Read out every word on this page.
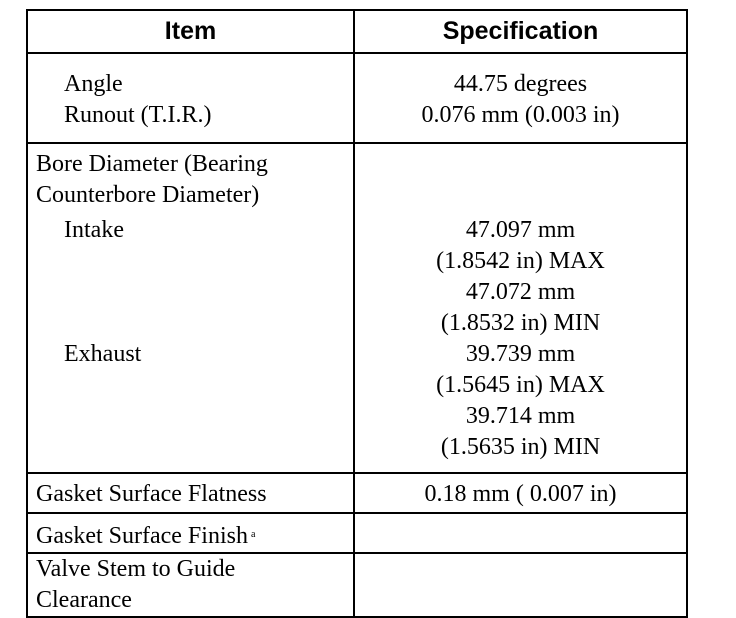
Item	Specification
Angle
Runout (T.I.R.)
44.75 degrees
0.076 mm (0.003 in)
Bore Diameter (Bearing
Counterbore Diameter)
Intake
Exhaust
47.097 mm
(1.8542 in) MAX
47.072 mm
(1.8532 in) MIN
39.739 mm
(1.5645 in) MAX
39.714 mm
(1.5635 in) MIN
Gasket Surface Flatness	0.18 mm ( 0.007 in)
Gasket Surface Finish $^a$
Valve Stem to Guide
Clearance
